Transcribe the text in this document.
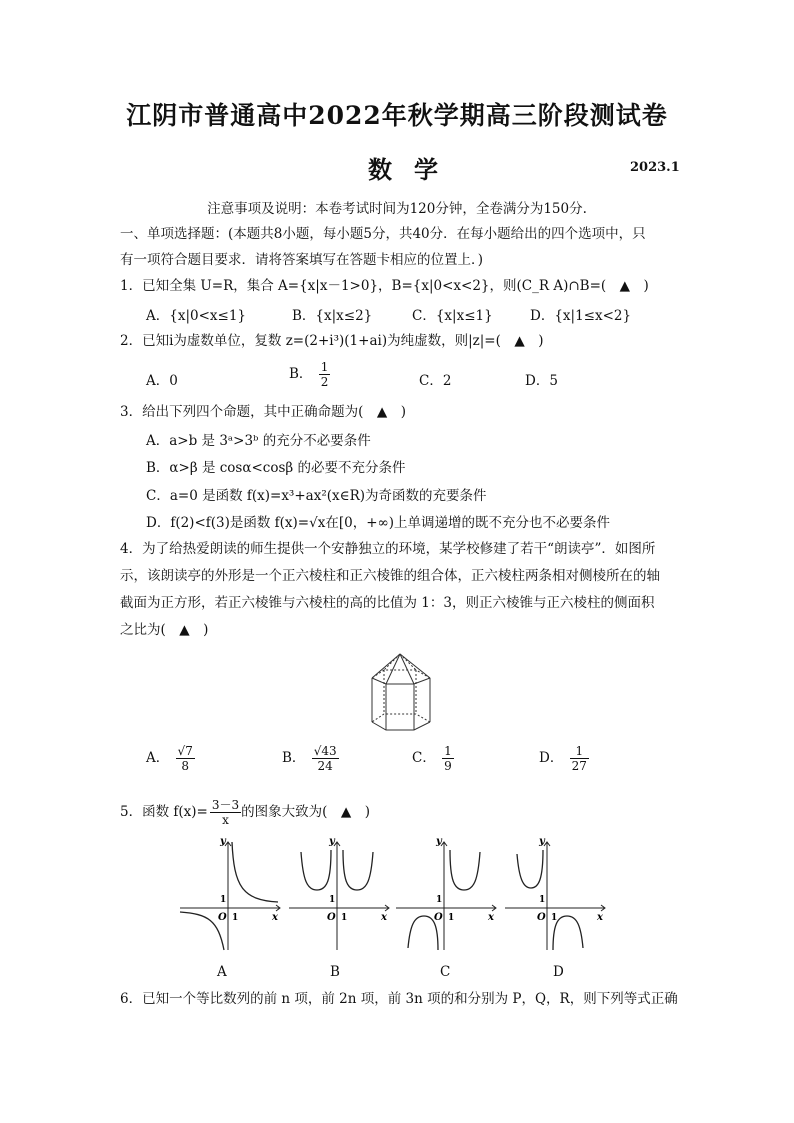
江阴市普通高中2022年秋学期高三阶段测试卷
数学	2023.1
注意事项及说明：本卷考试时间为120分钟，全卷满分为150分.
一、单项选择题：(本题共8小题，每小题5分，共40分．在每小题给出的四个选项中，只
有一项符合题目要求．请将答案填写在答题卡相应的位置上．)
1．已知全集 U=R，集合 A={x|x－1>0}，B={x|0<x<2}，则(C_R A)∩B=(　▲　)
A．{x|0<x≤1}	B．{x|x≤2}	C．{x|x≤1}	D．{x|1≤x<2}
2．已知i为虚数单位，复数 z=(2+i³)(1+ai)为纯虚数，则|z|=(　▲　)
A．0	B． $\frac{1}{2}$	C．2	D．5
3．给出下列四个命题，其中正确命题为(　▲　)
A．a>b 是 3ᵃ>3ᵇ 的充分不必要条件
B．α>β 是 cosα<cosβ 的必要不充分条件
C．a=0 是函数 f(x)=x³+ax²(x∈R)为奇函数的充要条件
D．f(2)<f(3)是函数 f(x)=√x在[0，+∞)上单调递增的既不充分也不必要条件
4．为了给热爱朗读的师生提供一个安静独立的环境，某学校修建了若干“朗读亭”．如图所
示，该朗读亭的外形是一个正六棱柱和正六棱锥的组合体，正六棱柱两条相对侧棱所在的轴
截面为正方形，若正六棱锥与六棱柱的高的比值为 1：3，则正六棱锥与正六棱柱的侧面积
之比为(　▲　)
A． $\frac{√7}{8}$	B． $\frac{√43}{24}$	C． $\frac{1}{9}$	D． $\frac{1}{27}$
5．函数 $f(x)= \frac{3-3}{x}$ 的图象大致为(　▲　)
y
x
O 1
1
y
x
O 1
1
y
x
O 1
1
y
x
O 1
1
A	B	C	D
6．已知一个等比数列的前 n 项，前 2n 项，前 3n 项的和分别为 P，Q，R，则下列等式正确
